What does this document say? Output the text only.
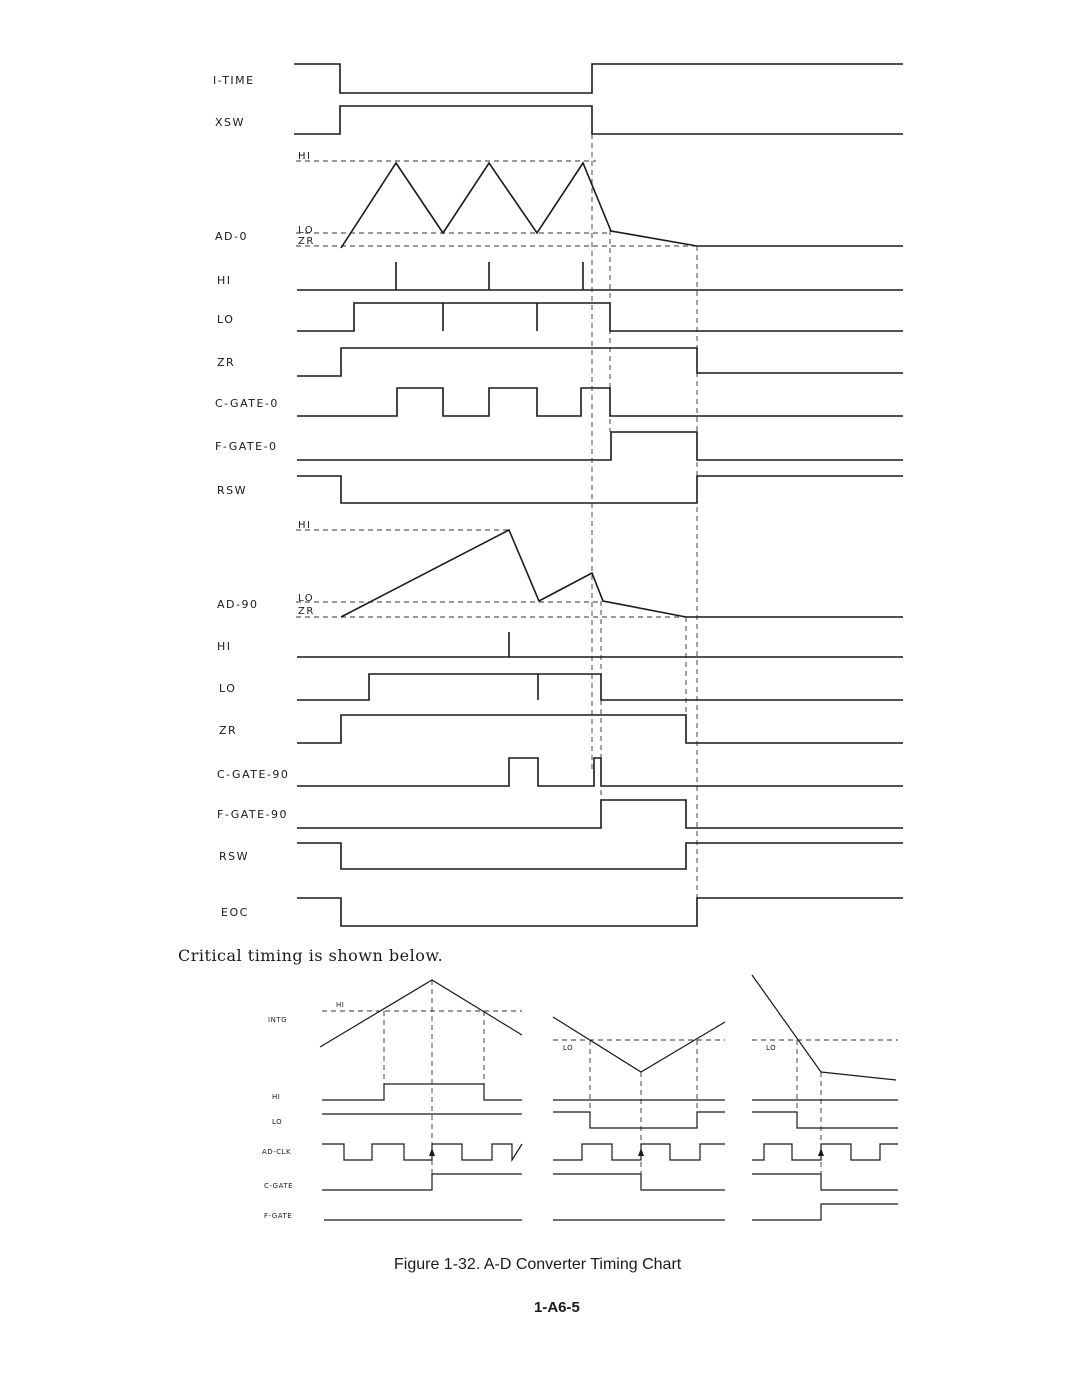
I-TIME
XSW
AD-0
HI
LO
ZR
C-GATE-0
F-GATE-0
RSW
AD-90
HI
LO
ZR
C-GATE-90
F-GATE-90
RSW
EOC
HI
LO
ZR
HI
LO
ZR
INTG
HI
LO	LO
HI
LO
AD-CLK
C-GATE
F-GATE
Critical timing is shown below.
Figure 1-32. A-D Converter Timing Chart
1-A6-5
